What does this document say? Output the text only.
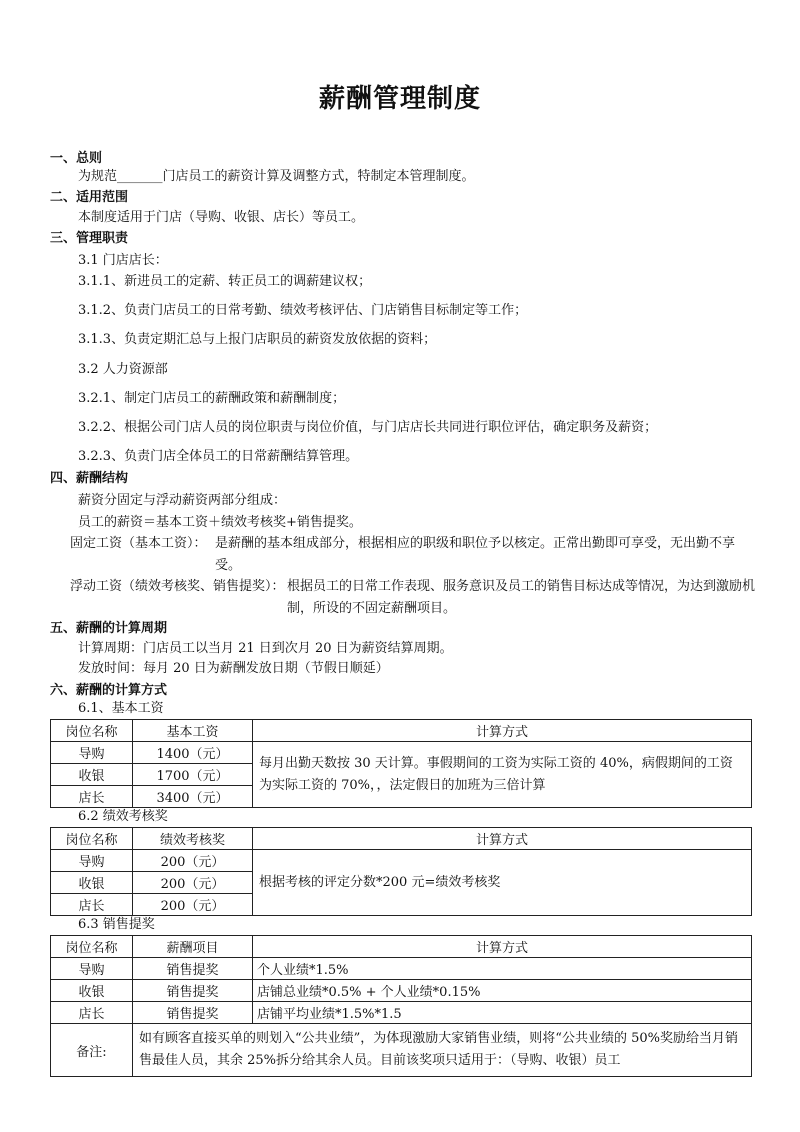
薪酬管理制度
一、总则
为规范_______门店员工的薪资计算及调整方式，特制定本管理制度。
二、适用范围
本制度适用于门店（导购、收银、店长）等员工。
三、管理职责
3.1 门店店长：
3.1.1、新进员工的定薪、转正员工的调薪建议权；
3.1.2、负责门店员工的日常考勤、绩效考核评估、门店销售目标制定等工作；
3.1.3、负责定期汇总与上报门店职员的薪资发放依据的资料；
3.2 人力资源部
3.2.1、制定门店员工的薪酬政策和薪酬制度；
3.2.2、根据公司门店人员的岗位职责与岗位价值，与门店店长共同进行职位评估，确定职务及薪资；
3.2.3、负责门店全体员工的日常薪酬结算管理。
四、薪酬结构
薪资分固定与浮动薪资两部分组成：
员工的薪资＝基本工资＋绩效考核奖+销售提奖。
固定工资（基本工资）： 是薪酬的基本组成部分，根据相应的职级和职位予以核定。正常出勤即可享受，无出勤不享受。
浮动工资（绩效考核奖、销售提奖）： 根据员工的日常工作表现、服务意识及员工的销售目标达成等情况，为达到激励机制，所设的不固定薪酬项目。
五、薪酬的计算周期
计算周期：门店员工以当月 21 日到次月 20 日为薪资结算周期。
发放时间：每月 20 日为薪酬发放日期（节假日顺延）
六、薪酬的计算方式
6.1、基本工资
岗位名称	基本工资	计算方式
导购	1400（元）	每月出勤天数按 30 天计算。事假期间的工资为实际工资的 40%，病假期间的工资为实际工资的 70%，，法定假日的加班为三倍计算
收银	1700（元）	
店长	3400（元）	
6.2 绩效考核奖
岗位名称	绩效考核奖	计算方式
导购	200（元）	根据考核的评定分数*200 元=绩效考核奖
收银	200（元）	
店长	200（元）	
6.3 销售提奖
岗位名称	薪酬项目	计算方式
导购	销售提奖	个人业绩*1.5%
收银	销售提奖	店铺总业绩*0.5% + 个人业绩*0.15%
店长	销售提奖	店铺平均业绩*1.5%*1.5
备注:	如有顾客直接买单的则划入“公共业绩”，为体现激励大家销售业绩，则将“公共业绩的 50%奖励给当月销售最佳人员，其余 25%拆分给其余人员。目前该奖项只适用于：（导购、收银）员工	
